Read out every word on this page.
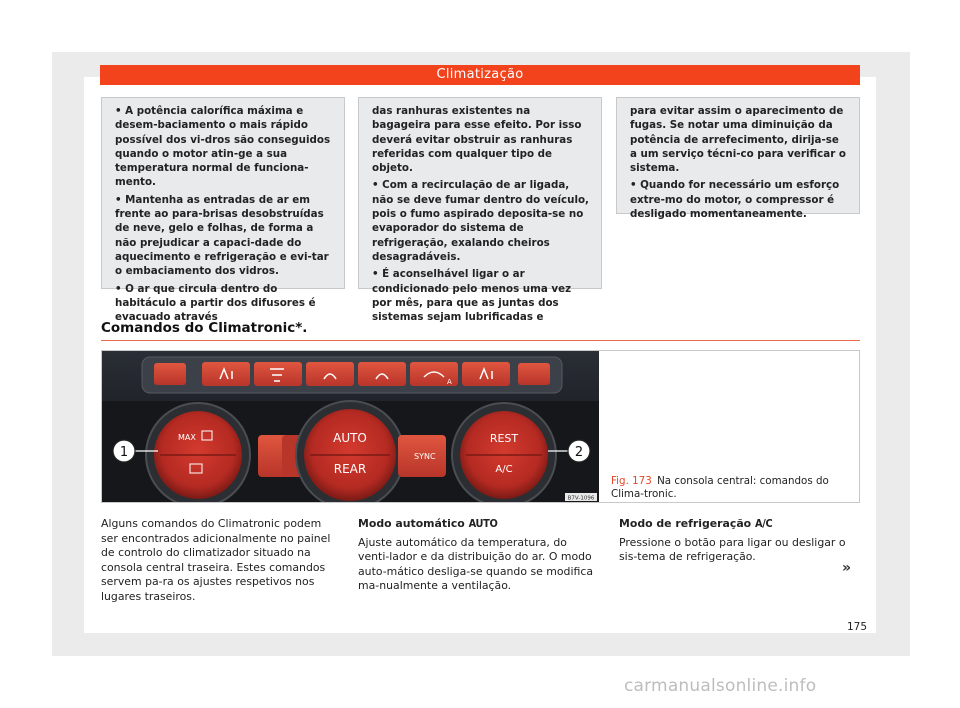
Climatização

• A potência calorífica máxima e desem-baciamento o mais rápido possível dos vi-dros são conseguidos quando o motor atin-ge a sua temperatura normal de funciona-mento.

• Mantenha as entradas de ar em frente ao para-brisas desobstruídas de neve, gelo e folhas, de forma a não prejudicar a capaci-dade do aquecimento e refrigeração e evi-tar o embaciamento dos vidros.

• O ar que circula dentro do habitáculo a partir dos difusores é evacuado através

das ranhuras existentes na bagageira para esse efeito. Por isso deverá evitar obstruir as ranhuras referidas com qualquer tipo de objeto.

• Com a recirculação de ar ligada, não se deve fumar dentro do veículo, pois o fumo aspirado deposita-se no evaporador do sistema de refrigeração, exalando cheiros desagradáveis.

• É aconselhável ligar o ar condicionado pelo menos uma vez por mês, para que as juntas dos sistemas sejam lubrificadas e

para evitar assim o aparecimento de fugas. Se notar uma diminuição da potência de arrefecimento, dirija-se a um serviço técni-co para verificar o sistema.

• Quando for necessário um esforço extre-mo do motor, o compressor é desligado momentaneamente.

Comandos do Climatronic*.
A
MAX	AUTO
REAR
SYNC
REST
A/C
1	2
B7V-1096
Fig. 173 Na consola central: comandos do Clima-tronic.

Alguns comandos do Climatronic podem ser encontrados adicionalmente no painel de controlo do climatizador situado na consola central traseira. Estes comandos servem pa-ra os ajustes respetivos nos lugares traseiros.

Modo automático AUTO

Ajuste automático da temperatura, do venti-lador e da distribuição do ar. O modo auto-mático desliga-se quando se modifica ma-nualmente a ventilação.

Modo de refrigeração A/C

Pressione o botão para ligar ou desligar o sis-tema de refrigeração.

»
175
carmanualsonline.info
